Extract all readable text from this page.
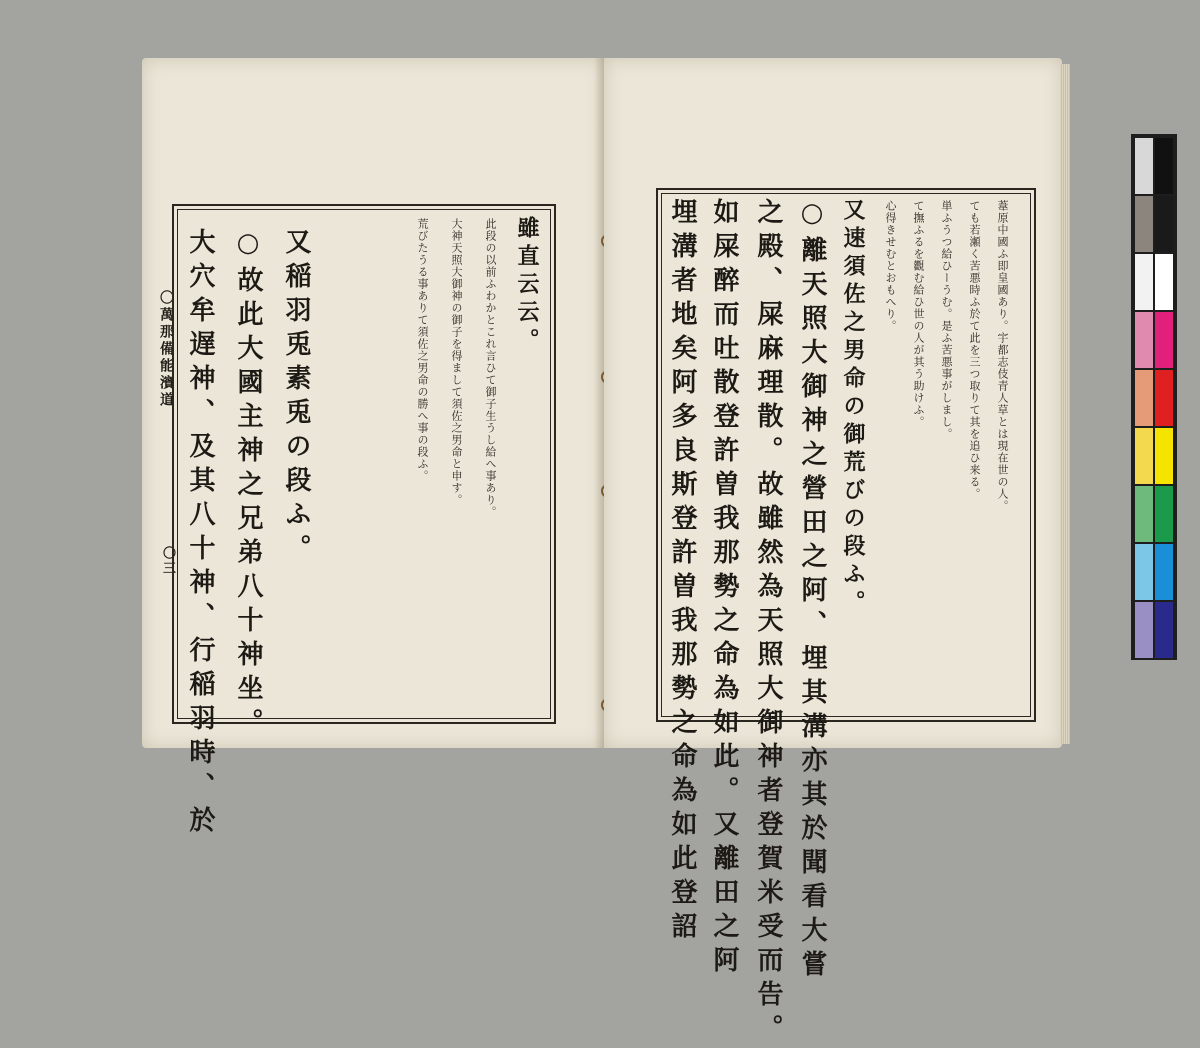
〇萬那備能濱道
〇三 大穴牟遅神、及其八十神、行稲羽時、於 ○故此大國主神之兄弟八十神坐。 又稲羽兎素兎の段ふ。	雖直云云。
此段の以前ふわかとこれ言ひて御子生うし給へ事あり。
大神天照大御神の御子を得まして須佐之男命と申す。
荒びたうる事ありて須佐之男命の勝へ事の段ふ。	葦原中國ふ即皇國あり。宇都志伎青人草とは現在世の人。
ても若瀬く苦悪時ふ於て此を三つ取りて其を追ひ来る。
単ふうつ給ひーうむ。是ふ苦悪事がしまし。
て撫ふるを觀む給ひ世の人が其う助けふ。
心得きせむとおもへり。
又速須佐之男命の御荒びの段ふ。
○離天照大御神之營田之阿、埋其溝亦其於聞看大嘗
之殿、屎麻理散。故雖然為天照大御神者登賀米受而告。
如屎醉而吐散登許曽我那勢之命為如此。又離田之阿
埋溝者地矣阿多良斯登許曽我那勢之命為如此登詔
